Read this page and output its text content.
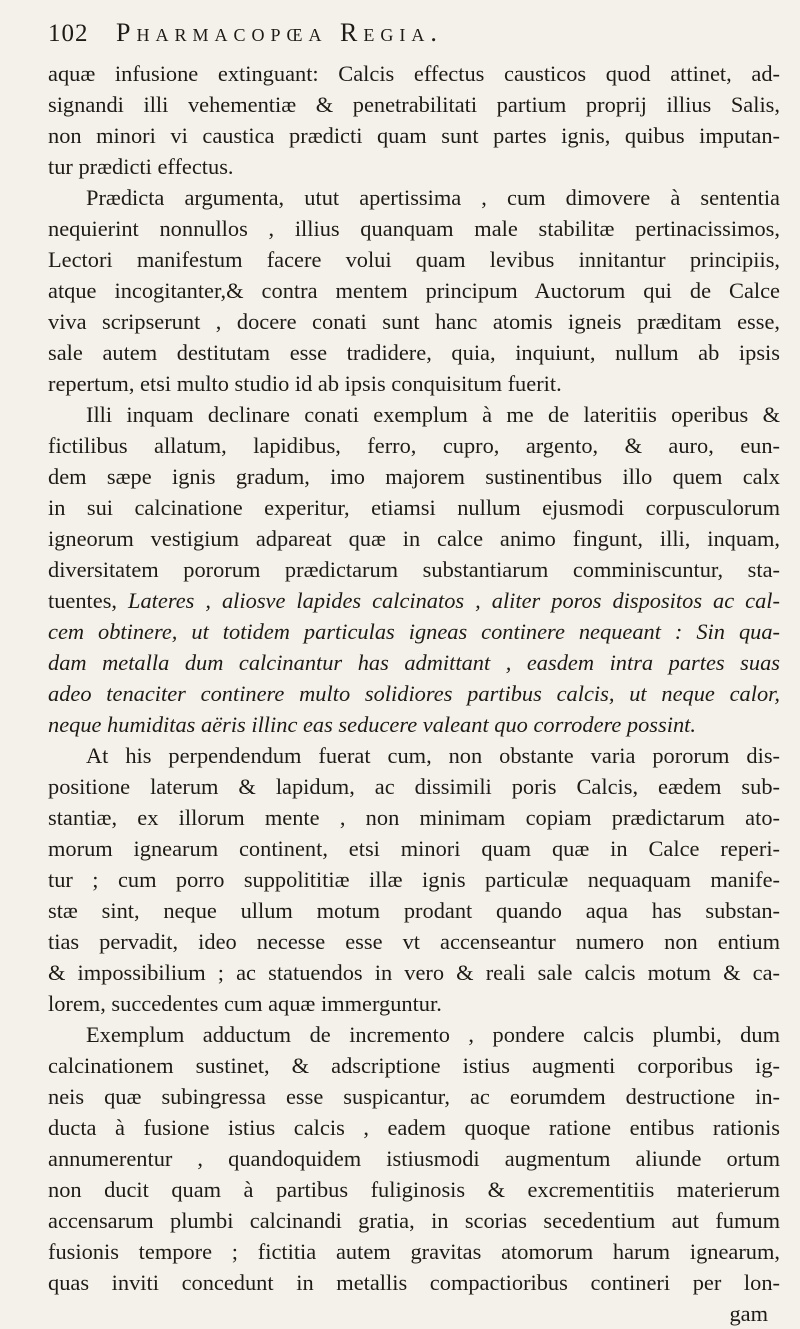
102	Pharmacopœa Regia.
aquæ infusione extinguant: Calcis effectus causticos quod attinet, ad-
signandi illi vehementiæ & penetrabilitati partium proprij illius Salis,
non minori vi caustica prædicti quam sunt partes ignis, quibus imputan-
tur prædicti effectus.
Prædicta argumenta, utut apertissima , cum dimovere à sententia
nequierint nonnullos , illius quanquam male stabilitæ pertinacissimos,
Lectori manifestum facere volui quam levibus innitantur principiis,
atque incogitanter,& contra mentem principum Auctorum qui de Calce
viva scripserunt , docere conati sunt hanc atomis igneis præditam esse,
sale autem destitutam esse tradidere, quia, inquiunt, nullum ab ipsis
repertum, etsi multo studio id ab ipsis conquisitum fuerit.
Illi inquam declinare conati exemplum à me de lateritiis operibus &
fictilibus allatum, lapidibus, ferro, cupro, argento, & auro, eun-
dem sæpe ignis gradum, imo majorem sustinentibus illo quem calx
in sui calcinatione experitur, etiamsi nullum ejusmodi corpusculorum
igneorum vestigium adpareat quæ in calce animo fingunt, illi, inquam,
diversitatem pororum prædictarum substantiarum comminiscuntur, sta-
tuentes, Lateres , aliosve lapides calcinatos , aliter poros dispositos ac cal-
cem obtinere, ut totidem particulas igneas continere nequeant : Sin qua-
dam metalla dum calcinantur has admittant , easdem intra partes suas
adeo tenaciter continere multo solidiores partibus calcis, ut neque calor,
neque humiditas aëris illinc eas seducere valeant quo corrodere possint.
At his perpendendum fuerat cum, non obstante varia pororum dis-
positione laterum & lapidum, ac dissimili poris Calcis, eædem sub-
stantiæ, ex illorum mente , non minimam copiam prædictarum ato-
morum ignearum continent, etsi minori quam quæ in Calce reperi-
tur ; cum porro suppolititiæ illæ ignis particulæ nequaquam manife-
stæ sint, neque ullum motum prodant quando aqua has substan-
tias pervadit, ideo necesse esse vt accenseantur numero non entium
& impossibilium ; ac statuendos in vero & reali sale calcis motum & ca-
lorem, succedentes cum aquæ immerguntur.
Exemplum adductum de incremento , pondere calcis plumbi, dum
calcinationem sustinet, & adscriptione istius augmenti corporibus ig-
neis quæ subingressa esse suspicantur, ac eorumdem destructione in-
ducta à fusione istius calcis , eadem quoque ratione entibus rationis
annumerentur , quandoquidem istiusmodi augmentum aliunde ortum
non ducit quam à partibus fuliginosis & excrementitiis materierum
accensarum plumbi calcinandi gratia, in scorias secedentium aut fumum
fusionis tempore ; fictitia autem gravitas atomorum harum ignearum,
quas inviti concedunt in metallis compactioribus contineri per lon-
gam
